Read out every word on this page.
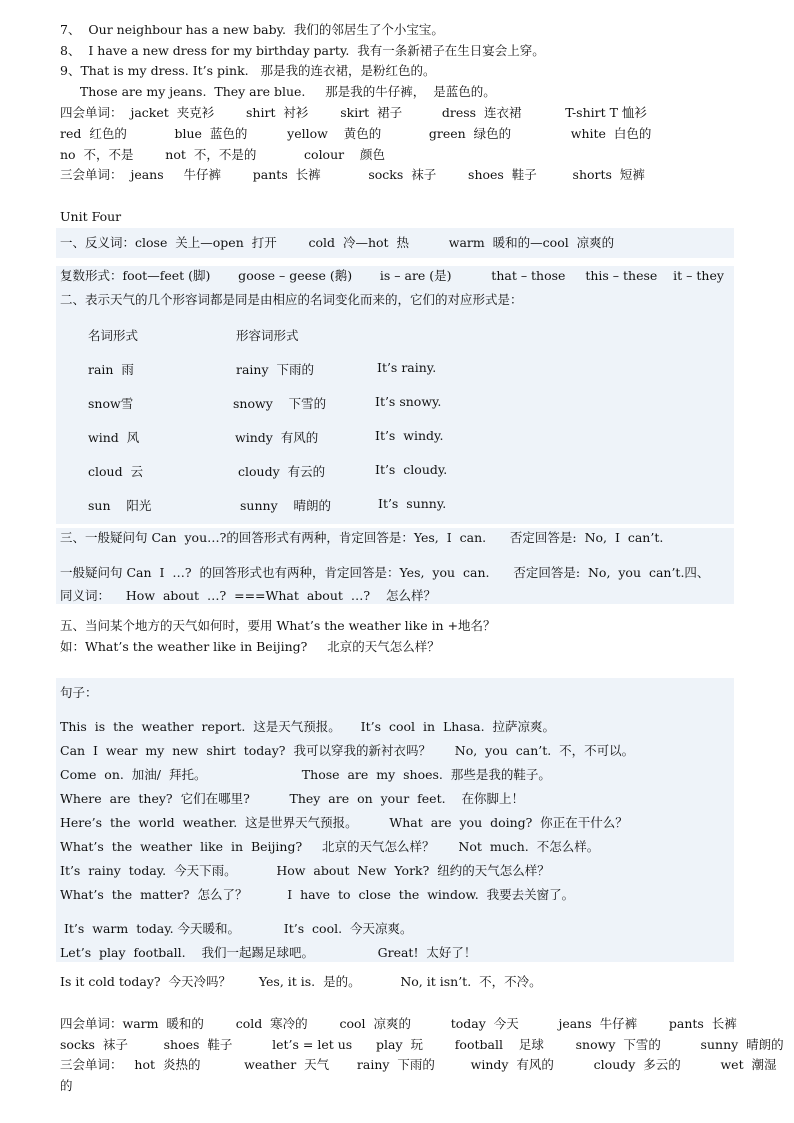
7、  Our neighbour has a new baby.  我们的邻居生了个小宝宝。
8、  I have a new dress for my birthday party.  我有一条新裙子在生日宴会上穿。
9、That is my dress. It’s pink.   那是我的连衣裙，是粉红色的。
Those are my jeans.  They are blue.     那是我的牛仔裤，  是蓝色的。
四会单词：  jacket  夹克衫        shirt  衬衫        skirt  裙子          dress  连衣裙           T-shirt T 恤衫
red  红色的            blue  蓝色的          yellow    黄色的            green  绿色的               white  白色的
no  不，不是        not  不，不是的            colour    颜色
三会单词：  jeans     牛仔裤        pants  长裤            socks  袜子        shoes  鞋子         shorts  短裤
Unit Four
一、反义词：close  关上—open  打开        cold  冷—hot  热          warm  暖和的—cool  凉爽的
复数形式：foot—feet (脚)       goose – geese (鹅)       is – are (是)          that – those     this – these    it – they
二、表示天气的几个形容词都是同是由相应的名词变化而来的，它们的对应形式是：
名词形式	形容词形式
rain  雨	rainy  下雨的	It’s rainy.
snow雪	snowy    下雪的	It’s snowy.
wind  风	windy  有风的	It’s  windy.
cloud  云	cloudy  有云的	It’s  cloudy.
sun    阳光	sunny    晴朗的	It’s  sunny.
三、一般疑问句 Can  you…?的回答形式有两种，肯定回答是：Yes,  I  can.      否定回答是:  No,  I  can’t.
一般疑问句 Can  I  …?  的回答形式也有两种，肯定回答是：Yes,  you  can.      否定回答是:  No,  you  can’t.四、
同义词：    How  about  …?  ===What  about  …?    怎么样？
五、当问某个地方的天气如何时，要用 What’s the weather like in +地名？
如：What’s the weather like in Beijing?     北京的天气怎么样？
句子：
This  is  the  weather  report.  这是天气预报。     It’s  cool  in  Lhasa.  拉萨凉爽。
Can  I  wear  my  new  shirt  today?  我可以穿我的新衬衣吗？      No,  you  can’t.  不，不可以。
Come  on.  加油/  拜托。                        Those  are  my  shoes.  那些是我的鞋子。
Where  are  they?  它们在哪里?          They  are  on  your  feet.    在你脚上！
Here’s  the  world  weather.  这是世界天气预报。        What  are  you  doing?  你正在干什么？
What’s  the  weather  like  in  Beijing?     北京的天气怎么样？      Not  much.  不怎么样。
It’s  rainy  today.  今天下雨。          How  about  New  York?  纽约的天气怎么样？
What’s  the  matter?  怎么了？          I  have  to  close  the  window.  我要去关窗了。
It’s  warm  today. 今天暖和。           It’s  cool.  今天凉爽。
Let’s  play  football.    我们一起踢足球吧。                Great!  太好了！
Is it cold today?  今天冷吗？       Yes, it is.  是的。          No, it isn’t.  不，不冷。
四会单词：warm  暖和的        cold  寒冷的        cool  凉爽的          today  今天          jeans  牛仔裤        pants  长裤
socks  袜子         shoes  鞋子          let’s = let us      play  玩        football    足球        snowy  下雪的          sunny  晴朗的
三会单词：   hot  炎热的           weather  天气       rainy  下雨的         windy  有风的          cloudy  多云的          wet  潮湿
的
